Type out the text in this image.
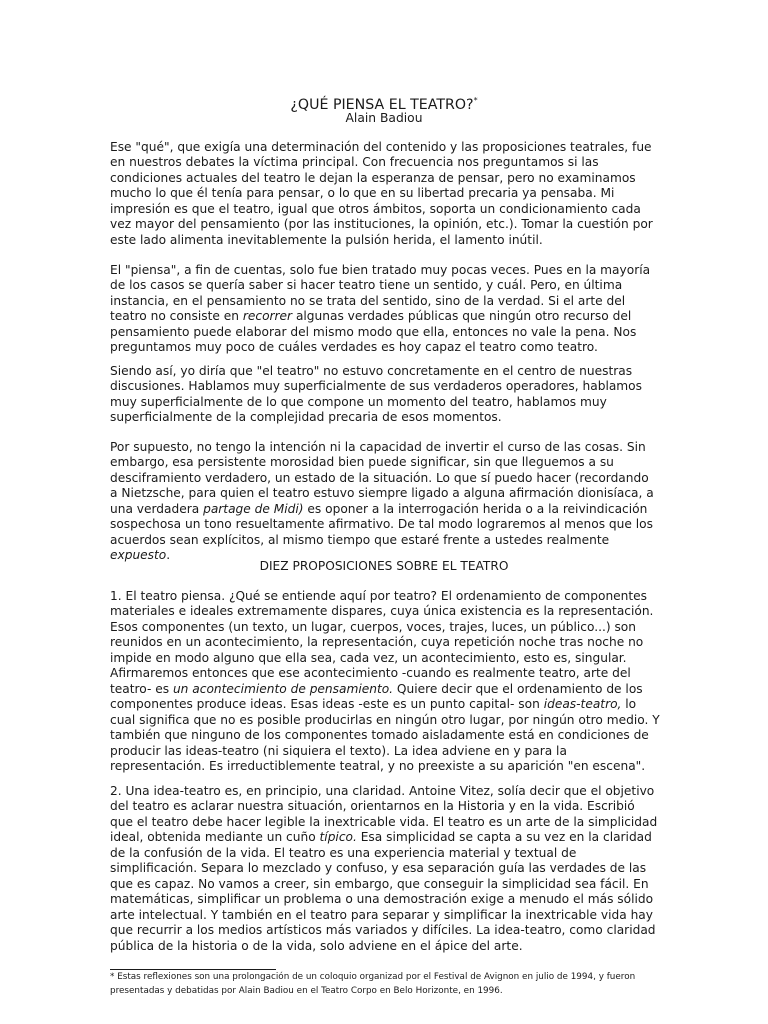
¿QUÉ PIENSA EL TEATRO?*
Alain Badiou

Ese "qué", que exigía una determinación del contenido y las proposiciones teatrales, fue en nuestros debates la víctima principal. Con frecuencia nos preguntamos si las condiciones actuales del teatro le dejan la esperanza de pensar, pero no examinamos mucho lo que él tenía para pensar, o lo que en su libertad precaria ya pensaba. Mi impresión es que el teatro, igual que otros ámbitos, soporta un condicionamiento cada vez mayor del pensamiento (por las instituciones, la opinión, etc.). Tomar la cuestión por este lado alimenta inevitablemente la pulsión herida, el lamento inútil.

El "piensa", a fin de cuentas, solo fue bien tratado muy pocas veces. Pues en la mayoría de los casos se quería saber si hacer teatro tiene un sentido, y cuál. Pero, en última instancia, en el pensamiento no se trata del sentido, sino de la verdad. Si el arte del teatro no consiste en recorrer algunas verdades públicas que ningún otro recurso del pensamiento puede elaborar del mismo modo que ella, entonces no vale la pena. Nos preguntamos muy poco de cuáles verdades es hoy capaz el teatro como teatro.

Siendo así, yo diría que "el teatro" no estuvo concretamente en el centro de nuestras discusiones. Hablamos muy superficialmente de sus verdaderos operadores, hablamos muy superficialmente de lo que compone un momento del teatro, hablamos muy superficialmente de la complejidad precaria de esos momentos.

Por supuesto, no tengo la intención ni la capacidad de invertir el curso de las cosas. Sin embargo, esa persistente morosidad bien puede significar, sin que lleguemos a su desciframiento verdadero, un estado de la situación. Lo que sí puedo hacer (recordando a Nietzsche, para quien el teatro estuvo siempre ligado a alguna afirmación dionisíaca, a una verdadera partage de Midi) es oponer a la interrogación herida o a la reivindicación sospechosa un tono resueltamente afirmativo. De tal modo lograremos al menos que los acuerdos sean explícitos, al mismo tiempo que estaré frente a ustedes realmente expuesto.

DIEZ PROPOSICIONES SOBRE EL TEATRO

1. El teatro piensa. ¿Qué se entiende aquí por teatro? El ordenamiento de componentes materiales e ideales extremamente dispares, cuya única existencia es la representación. Esos componentes (un texto, un lugar, cuerpos, voces, trajes, luces, un público...) son reunidos en un acontecimiento, la representación, cuya repetición noche tras noche no impide en modo alguno que ella sea, cada vez, un acontecimiento, esto es, singular. Afirmaremos entonces que ese acontecimiento -cuando es realmente teatro, arte del teatro- es un acontecimiento de pensamiento. Quiere decir que el ordenamiento de los componentes produce ideas. Esas ideas -este es un punto capital- son ideas-teatro, lo cual significa que no es posible producirlas en ningún otro lugar, por ningún otro medio. Y también que ninguno de los componentes tomado aisladamente está en condiciones de producir las ideas-teatro (ni siquiera el texto). La idea adviene en y para la representación. Es irreductiblemente teatral, y no preexiste a su aparición "en escena".

2. Una idea-teatro es, en principio, una claridad. Antoine Vitez, solía decir que el objetivo del teatro es aclarar nuestra situación, orientarnos en la Historia y en la vida. Escribió que el teatro debe hacer legible la inextricable vida. El teatro es un arte de la simplicidad ideal, obtenida mediante un cuño típico. Esa simplicidad se capta a su vez en la claridad de la confusión de la vida. El teatro es una experiencia material y textual de simplificación. Separa lo mezclado y confuso, y esa separación guía las verdades de las que es capaz. No vamos a creer, sin embargo, que conseguir la simplicidad sea fácil. En matemáticas, simplificar un problema o una demostración exige a menudo el más sólido arte intelectual. Y también en el teatro para separar y simplificar la inextricable vida hay que recurrir a los medios artísticos más variados y difíciles. La idea-teatro, como claridad pública de la historia o de la vida, solo adviene en el ápice del arte.

* Estas reflexiones son una prolongación de un coloquio organizad por el Festival de Avignon en julio de 1994, y fueron presentadas y debatidas por Alain Badiou en el Teatro Corpo en Belo Horizonte, en 1996.
